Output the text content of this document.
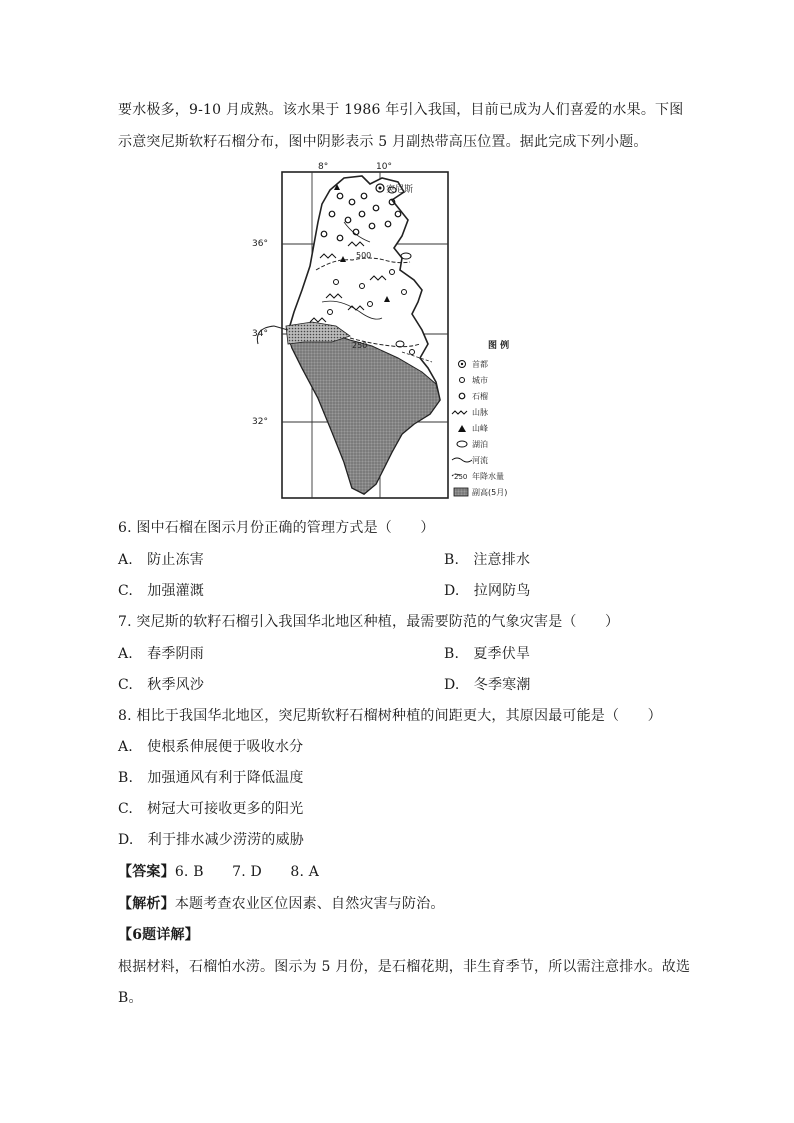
要水极多，9-10 月成熟。该水果于 1986 年引入我国，目前已成为人们喜爱的水果。下图
示意突尼斯软籽石榴分布，图中阴影表示 5 月副热带高压位置。据此完成下列小题。
8°	10°
36°
34°
32°
突尼斯
500
250	图 例
首都
城市
石榴
山脉
山峰
湖泊
河流
250 年降水量
副高(5月)
6. 图中石榴在图示月份正确的管理方式是（　　）
A.　防止冻害	B.　注意排水
C.　加强灌溉	D.　拉网防鸟
7. 突尼斯的软籽石榴引入我国华北地区种植，最需要防范的气象灾害是（　　）
A.　春季阴雨	B.　夏季伏旱
C.　秋季风沙	D.　冬季寒潮
8. 相比于我国华北地区，突尼斯软籽石榴树种植的间距更大，其原因最可能是（　　）
A.　使根系伸展便于吸收水分
B.　加强通风有利于降低温度
C.　树冠大可接收更多的阳光
D.　利于排水减少涝涝的威胁
【答案】6. B　　7. D　　8. A
【解析】本题考查农业区位因素、自然灾害与防治。
【6题详解】
根据材料，石榴怕水涝。图示为 5 月份，是石榴花期，非生育季节，所以需注意排水。故选
B。
